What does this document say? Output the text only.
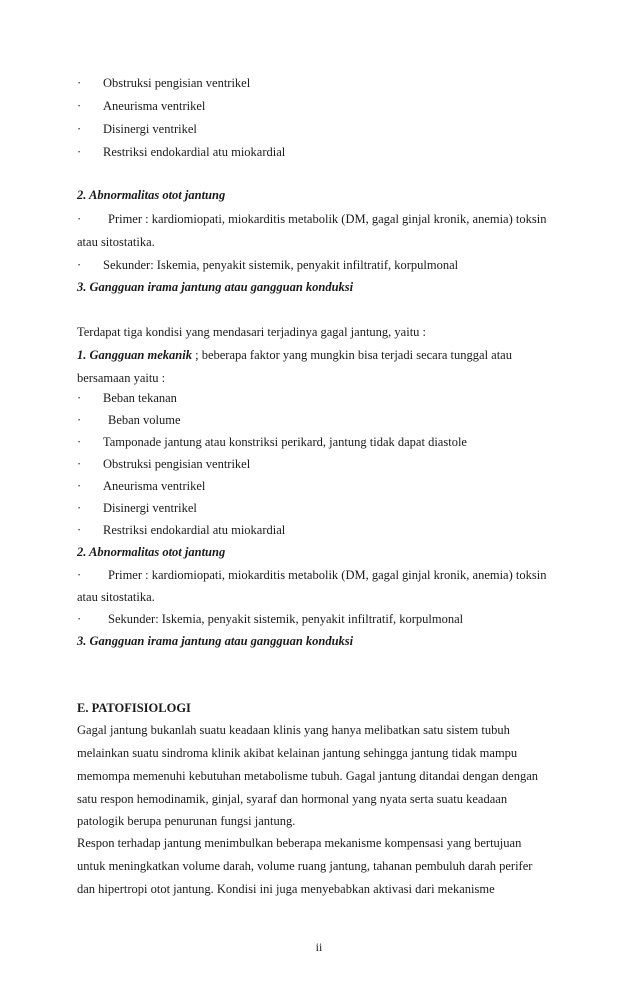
· Obstruksi pengisian ventrikel
· Aneurisma ventrikel
· Disinergi ventrikel
· Restriksi endokardial atu miokardial
2. Abnormalitas otot jantung
· Primer : kardiomiopati, miokarditis metabolik (DM, gagal ginjal kronik, anemia) toksin
atau sitostatika.
· Sekunder: Iskemia, penyakit sistemik, penyakit infiltratif, korpulmonal
3. Gangguan irama jantung atau gangguan konduksi
Terdapat tiga kondisi yang mendasari terjadinya gagal jantung, yaitu :
1. Gangguan mekanik ; beberapa faktor yang mungkin bisa terjadi secara tunggal atau
bersamaan yaitu :
· Beban tekanan
· Beban volume
· Tamponade jantung atau konstriksi perikard, jantung tidak dapat diastole
· Obstruksi pengisian ventrikel
· Aneurisma ventrikel
· Disinergi ventrikel
· Restriksi endokardial atu miokardial
2. Abnormalitas otot jantung
· Primer : kardiomiopati, miokarditis metabolik (DM, gagal ginjal kronik, anemia) toksin
atau sitostatika.
· Sekunder: Iskemia, penyakit sistemik, penyakit infiltratif, korpulmonal
3. Gangguan irama jantung atau gangguan konduksi
E. PATOFISIOLOGI
Gagal jantung bukanlah suatu keadaan klinis yang hanya melibatkan satu sistem tubuh
melainkan suatu sindroma klinik akibat kelainan jantung sehingga jantung tidak mampu
memompa memenuhi kebutuhan metabolisme tubuh. Gagal jantung ditandai dengan dengan
satu respon hemodinamik, ginjal, syaraf dan hormonal yang nyata serta suatu keadaan
patologik berupa penurunan fungsi jantung.
Respon terhadap jantung menimbulkan beberapa mekanisme kompensasi yang bertujuan
untuk meningkatkan volume darah, volume ruang jantung, tahanan pembuluh darah perifer
dan hipertropi otot jantung. Kondisi ini juga menyebabkan aktivasi dari mekanisme
ii
